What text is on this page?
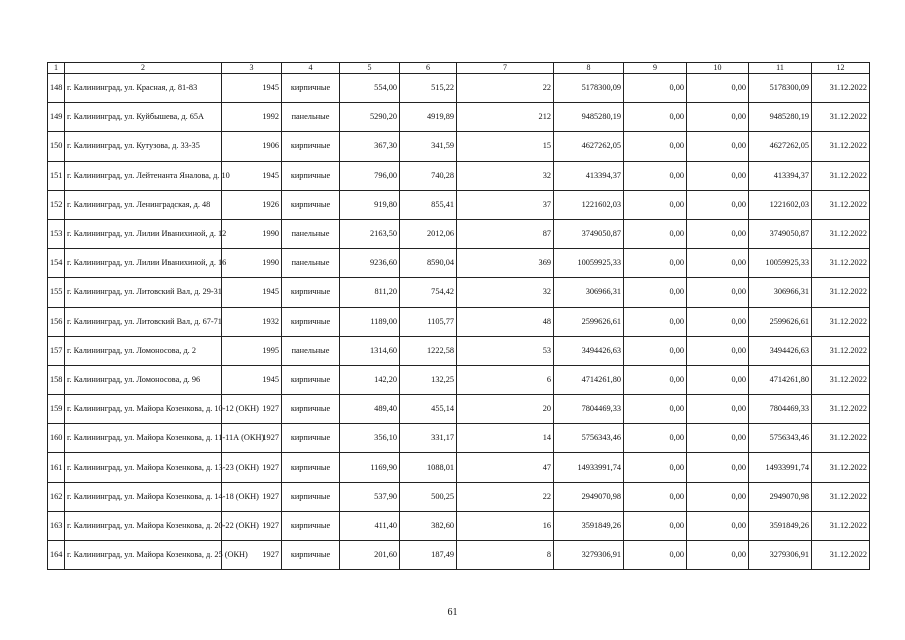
1	2	3	4	5	6	7	8	9	10	11	12
148	г. Калининград, ул. Красная, д. 81-83	1945	кирпичные	554,00	515,22	22	5178300,09	0,00	0,00	5178300,09	31.12.2022
149	г. Калининград, ул. Куйбышева, д. 65А	1992	панельные	5290,20	4919,89	212	9485280,19	0,00	0,00	9485280,19	31.12.2022
150	г. Калининград, ул. Кутузова, д. 33-35	1906	кирпичные	367,30	341,59	15	4627262,05	0,00	0,00	4627262,05	31.12.2022
151	г. Калининград, ул. Лейтенанта Яналова, д. 10	1945	кирпичные	796,00	740,28	32	413394,37	0,00	0,00	413394,37	31.12.2022
152	г. Калининград, ул. Ленинградская, д. 48	1926	кирпичные	919,80	855,41	37	1221602,03	0,00	0,00	1221602,03	31.12.2022
153	г. Калининград, ул. Лилии Иванихиной, д. 12	1990	панельные	2163,50	2012,06	87	3749050,87	0,00	0,00	3749050,87	31.12.2022
154	г. Калининград, ул. Лилии Иванихиной, д. 16	1990	панельные	9236,60	8590,04	369	10059925,33	0,00	0,00	10059925,33	31.12.2022
155	г. Калининград, ул. Литовский Вал, д. 29-31	1945	кирпичные	811,20	754,42	32	306966,31	0,00	0,00	306966,31	31.12.2022
156	г. Калининград, ул. Литовский Вал, д. 67-71	1932	кирпичные	1189,00	1105,77	48	2599626,61	0,00	0,00	2599626,61	31.12.2022
157	г. Калининград, ул. Ломоносова, д. 2	1995	панельные	1314,60	1222,58	53	3494426,63	0,00	0,00	3494426,63	31.12.2022
158	г. Калининград, ул. Ломоносова, д. 96	1945	кирпичные	142,20	132,25	6	4714261,80	0,00	0,00	4714261,80	31.12.2022
159	г. Калининград, ул. Майора Козенкова, д. 10-12 (ОКН)	1927	кирпичные	489,40	455,14	20	7804469,33	0,00	0,00	7804469,33	31.12.2022
160	г. Калининград, ул. Майора Козенкова, д. 11-11А (ОКН)	1927	кирпичные	356,10	331,17	14	5756343,46	0,00	0,00	5756343,46	31.12.2022
161	г. Калининград, ул. Майора Козенкова, д. 13-23 (ОКН)	1927	кирпичные	1169,90	1088,01	47	14933991,74	0,00	0,00	14933991,74	31.12.2022
162	г. Калининград, ул. Майора Козенкова, д. 14-18 (ОКН)	1927	кирпичные	537,90	500,25	22	2949070,98	0,00	0,00	2949070,98	31.12.2022
163	г. Калининград, ул. Майора Козенкова, д. 20-22 (ОКН)	1927	кирпичные	411,40	382,60	16	3591849,26	0,00	0,00	3591849,26	31.12.2022
164	г. Калининград, ул. Майора Козенкова, д. 25 (ОКН)	1927	кирпичные	201,60	187,49	8	3279306,91	0,00	0,00	3279306,91	31.12.2022
61
